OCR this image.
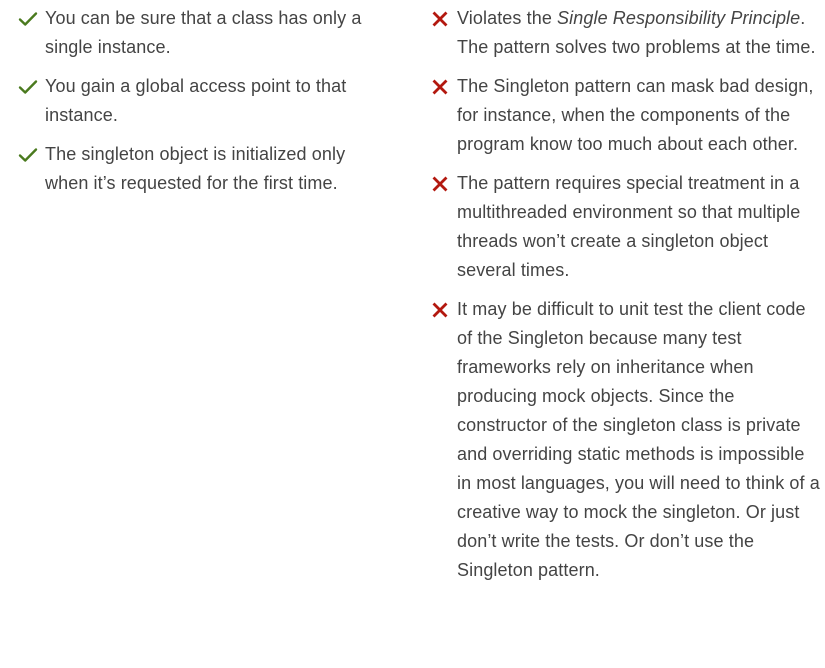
You can be sure that a class has only a single instance.
You gain a global access point to that instance.
The singleton object is initialized only when it’s requested for the first time.
Violates the Single Responsibility Principle. The pattern solves two problems at the time.
The Singleton pattern can mask bad design, for instance, when the components of the program know too much about each other.
The pattern requires special treatment in a multithreaded environment so that multiple threads won’t create a singleton object several times.
It may be difficult to unit test the client code of the Singleton because many test frameworks rely on inheritance when producing mock objects. Since the constructor of the singleton class is private and overriding static methods is impossible in most languages, you will need to think of a creative way to mock the singleton. Or just don’t write the tests. Or don’t use the Singleton pattern.
